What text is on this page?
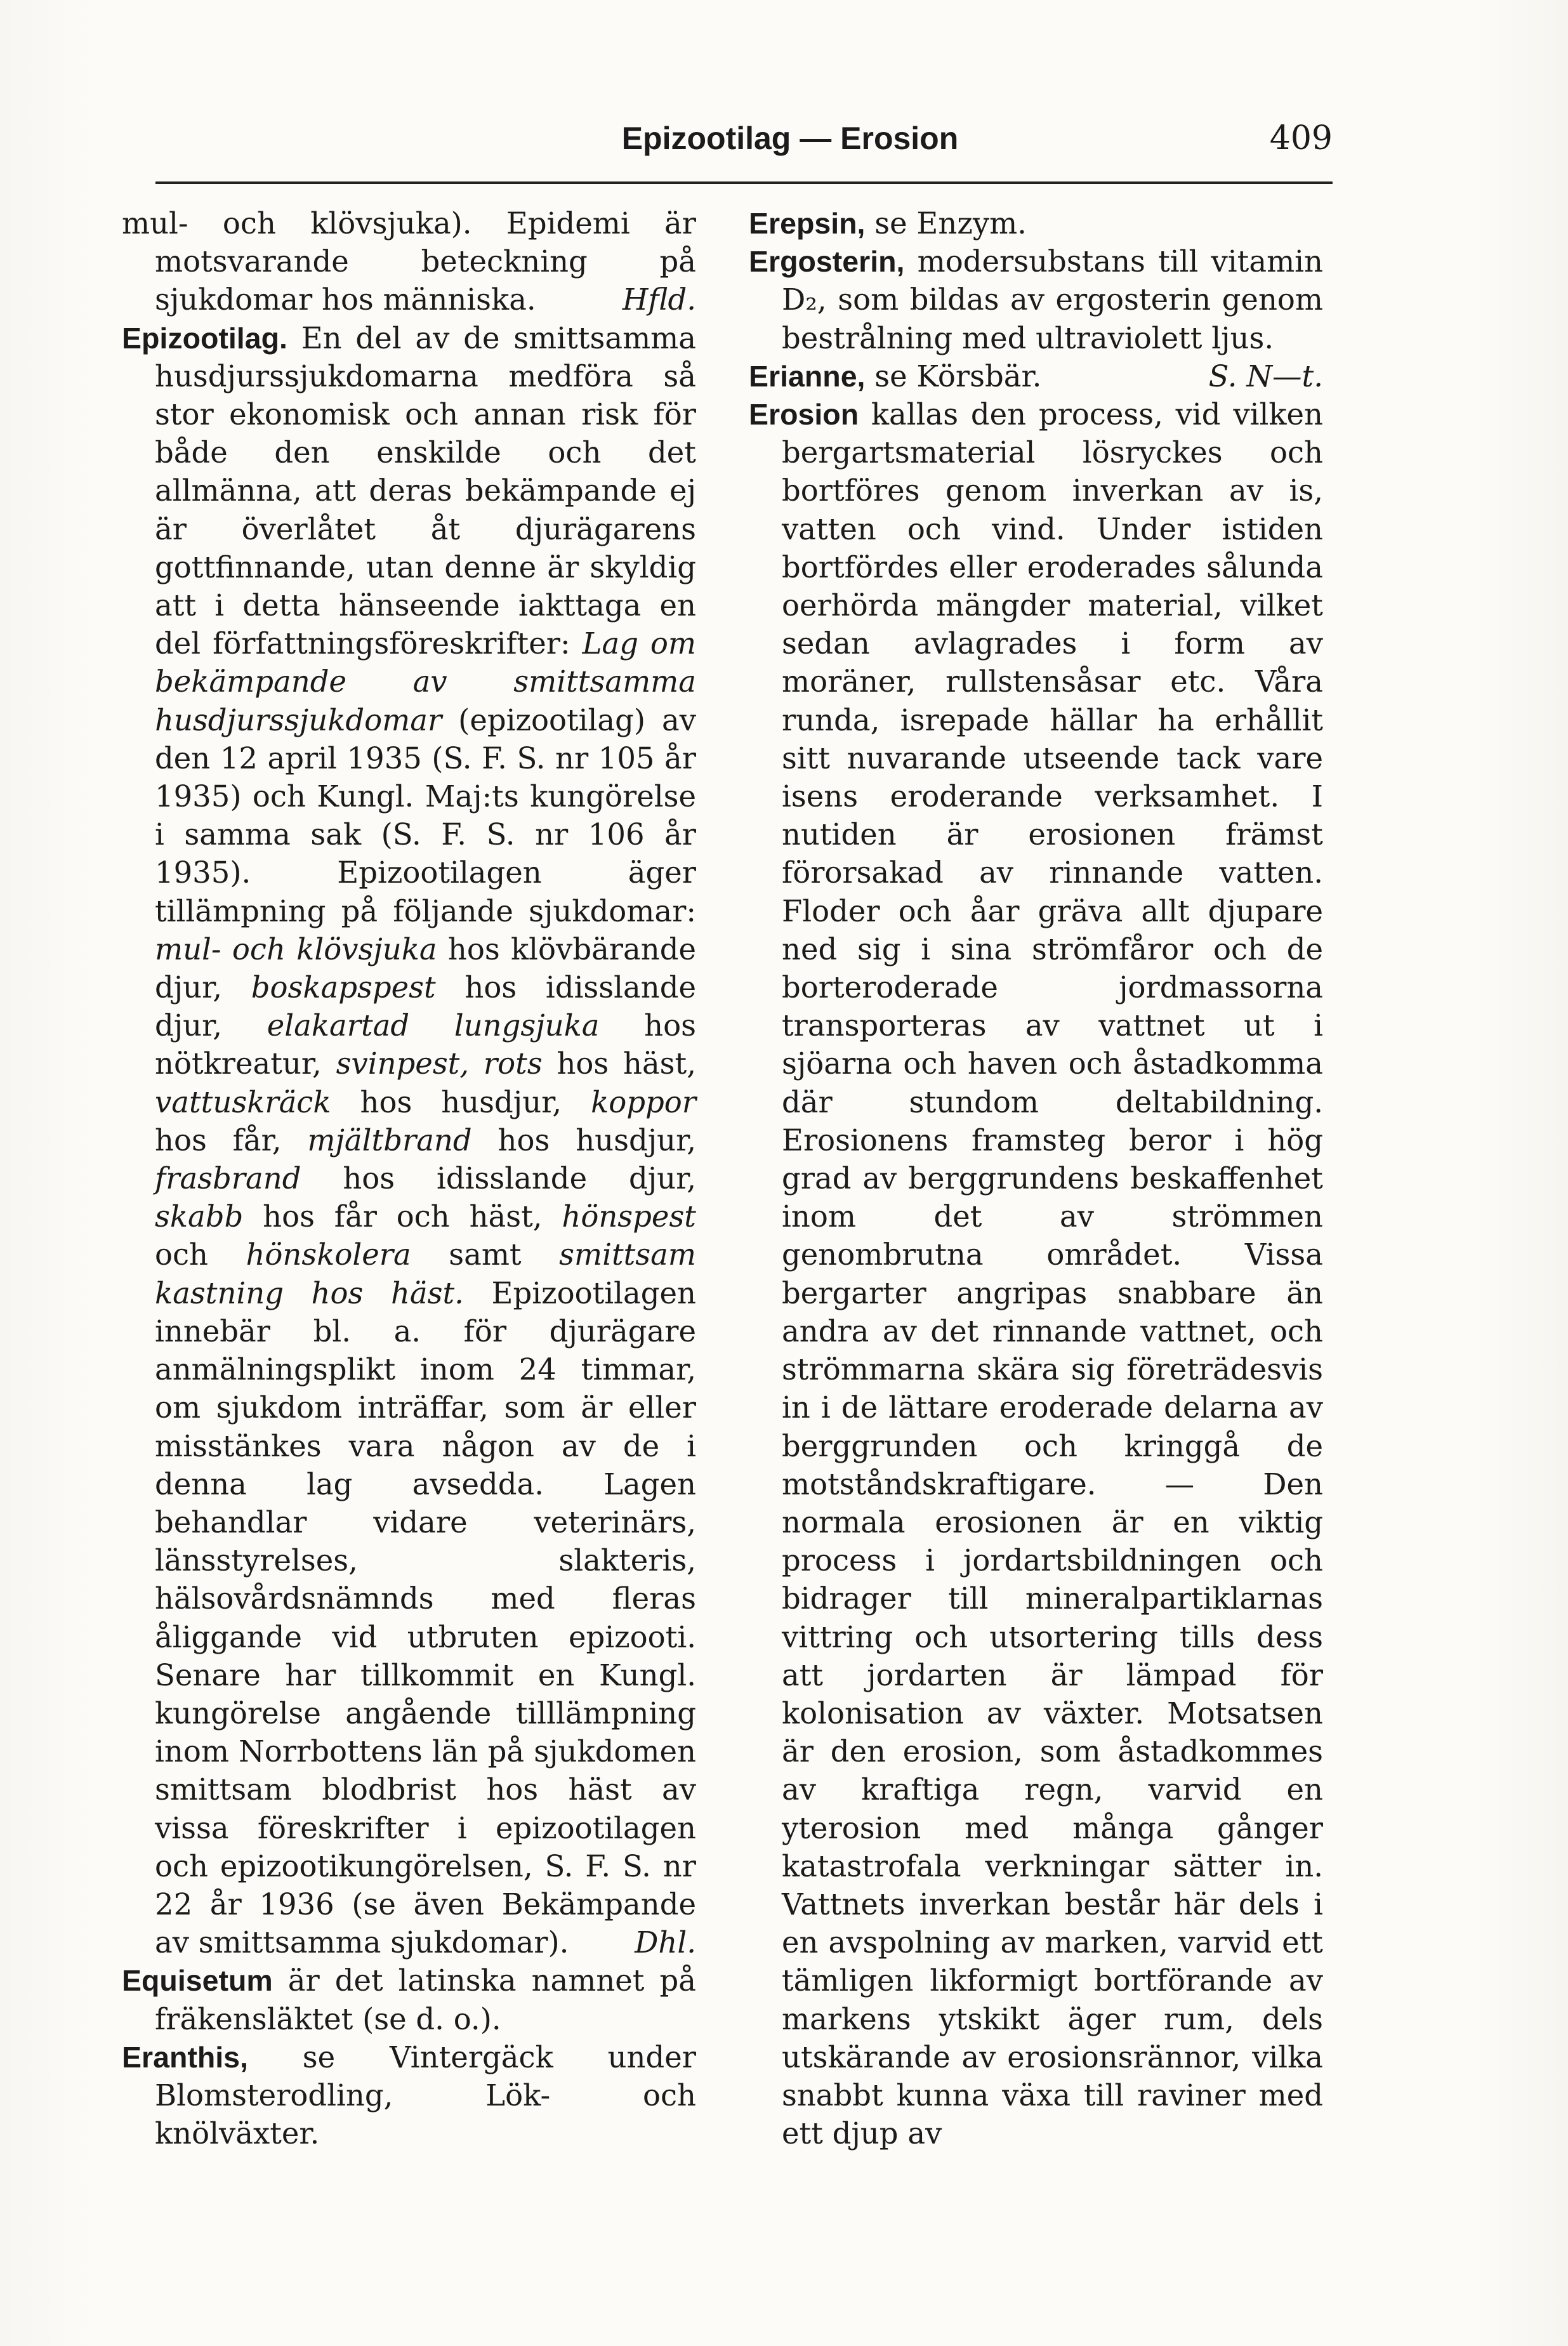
Epizootilag — Erosion	409

mul- och klövsjuka). Epidemi är motsvarande beteckning på sjukdomar hos människa.	Hfld.

Epizootilag. En del av de smittsamma husdjurssjukdomarna medföra så stor ekonomisk och annan risk för både den enskilde och det allmänna, att deras bekämpande ej är överlåtet åt djurägarens gottfinnande, utan denne är skyldig att i detta hänseende iakttaga en del författningsföreskrifter: Lag om bekämpande av smittsamma husdjurssjukdomar (epizootilag) av den 12 april 1935 (S. F. S. nr 105 år 1935) och Kungl. Maj:ts kungörelse i samma sak (S. F. S. nr 106 år 1935). Epizootilagen äger tillämpning på följande sjukdomar: mul- och klövsjuka hos klövbärande djur, boskapspest hos idisslande djur, elakartad lungsjuka hos nötkreatur, svinpest, rots hos häst, vattuskräck hos husdjur, koppor hos får, mjältbrand hos husdjur, frasbrand hos idisslande djur, skabb hos får och häst, hönspest och hönskolera samt smittsam kastning hos häst. Epizootilagen innebär bl. a. för djurägare anmälningsplikt inom 24 timmar, om sjukdom inträffar, som är eller misstänkes vara någon av de i denna lag avsedda. Lagen behandlar vidare veterinärs, länsstyrelses, slakteris, hälsovårdsnämnds med fleras åliggande vid utbruten epizooti. Senare har tillkommit en Kungl. kungörelse angående tilllämpning inom Norrbottens län på sjukdomen smittsam blodbrist hos häst av vissa föreskrifter i epizootilagen och epizootikungörelsen, S. F. S. nr 22 år 1936 (se även Bekämpande av smittsamma sjukdomar). Dhl.

Equisetum är det latinska namnet på fräkensläktet (se d. o.).

Eranthis, se Vintergäck under Blomsterodling, Lök- och knölväxter.

Erepsin, se Enzym.

Ergosterin, modersubstans till vitamin D₂, som bildas av ergosterin genom bestrålning med ultraviolett ljus.
S. N—t.

Erianne, se Körsbär.

Erosion kallas den process, vid vilken bergartsmaterial lösryckes och bortföres genom inverkan av is, vatten och vind. Under istiden bortfördes eller eroderades sålunda oerhörda mängder material, vilket sedan avlagrades i form av moräner, rullstensåsar etc. Våra runda, isrepade hällar ha erhållit sitt nuvarande utseende tack vare isens eroderande verksamhet. I nutiden är erosionen främst förorsakad av rinnande vatten. Floder och åar gräva allt djupare ned sig i sina strömfåror och de borteroderade jordmassorna transporteras av vattnet ut i sjöarna och haven och åstadkomma där stundom deltabildning. Erosionens framsteg beror i hög grad av berggrundens beskaffenhet inom det av strömmen genombrutna området. Vissa bergarter angripas snabbare än andra av det rinnande vattnet, och strömmarna skära sig företrädesvis in i de lättare eroderade delarna av berggrunden och kringgå de motståndskraftigare. — Den normala erosionen är en viktig process i jordartsbildningen och bidrager till mineralpartiklarnas vittring och utsortering tills dess att jordarten är lämpad för kolonisation av växter. Motsatsen är den erosion, som åstadkommes av kraftiga regn, varvid en yterosion med många gånger katastrofala verkningar sätter in. Vattnets inverkan består här dels i en avspolning av marken, varvid ett tämligen likformigt bortförande av markens ytskikt äger rum, dels utskärande av erosionsrännor, vilka snabbt kunna växa till raviner med ett djup av
